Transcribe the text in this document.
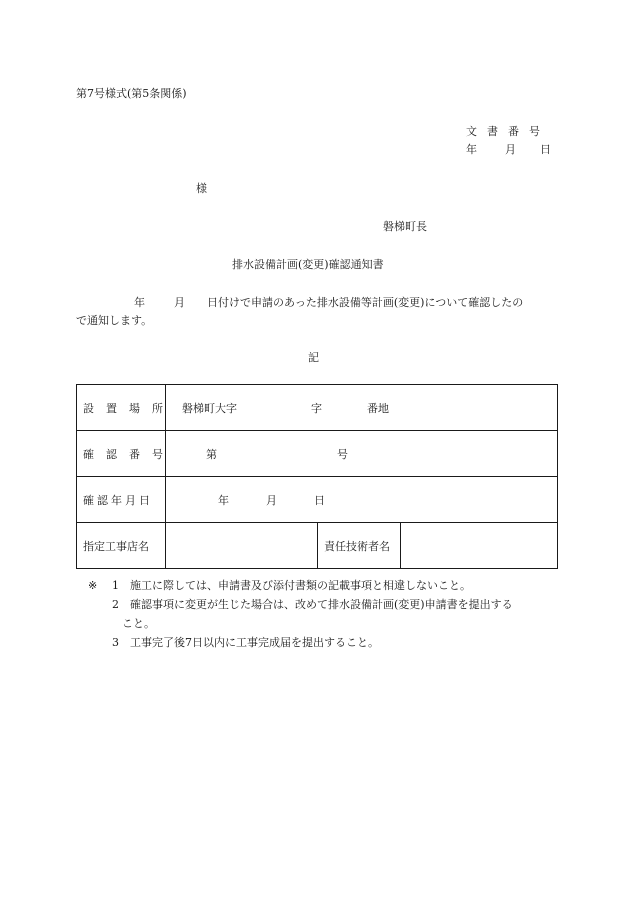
第7号様式(第5条関係)
文書番号
年	月 日
様
磐梯町長
排水設備計画(変更)確認通知書
年	月 日付けで申請のあった排水設備等計画(変更)について確認したの
で通知します。
記
設置場所	磐梯町大字 字 番地		
確認番号	第 号		
確認年月日	年 月 日		
指定工事店名		責任技術者名	
※ 1 施工に際しては、申請書及び添付書類の記載事項と相違しないこと。
2 確認事項に変更が生じた場合は、改めて排水設備計画(変更)申請書を提出する
こと。
3 工事完了後7日以内に工事完成届を提出すること。
